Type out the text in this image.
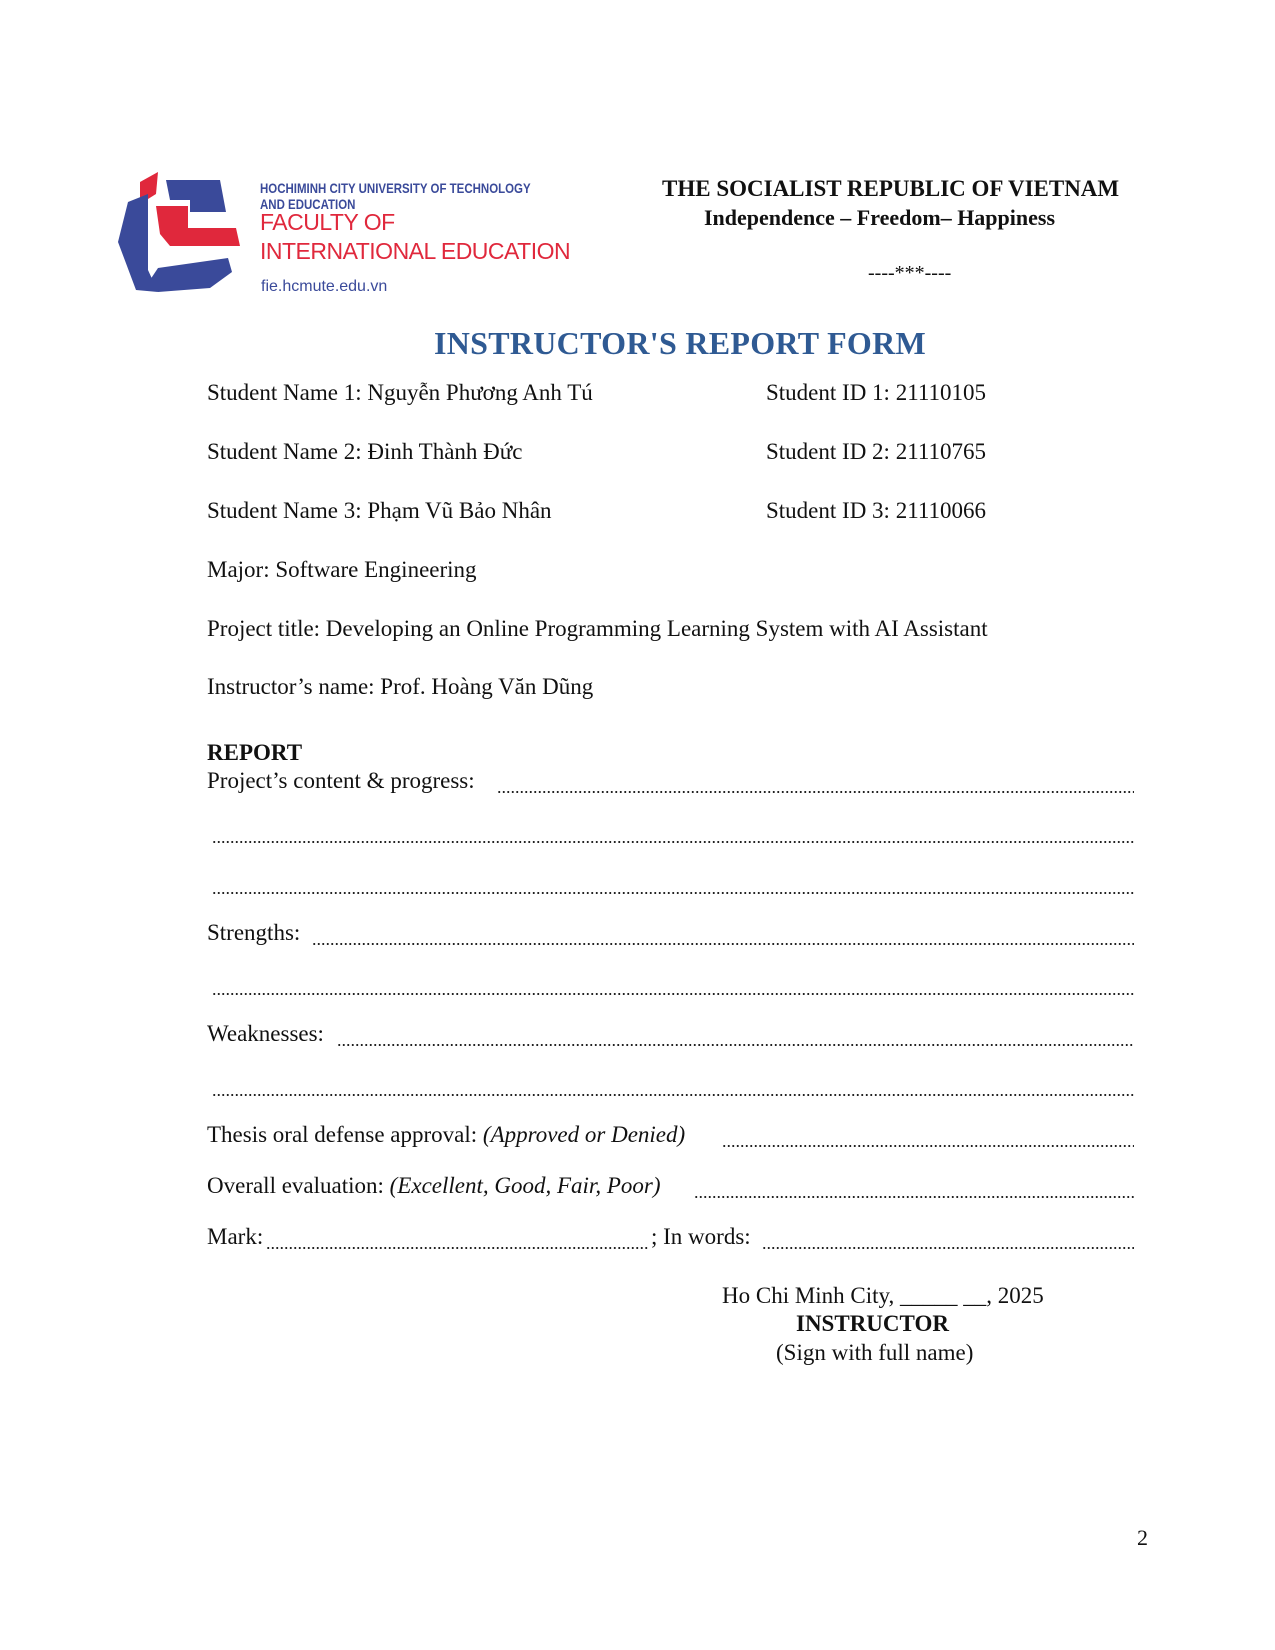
HOCHIMINH CITY UNIVERSITY OF TECHNOLOGY AND EDUCATION
FACULTY OF
INTERNATIONAL EDUCATION
fie.hcmute.edu.vn
THE SOCIALIST REPUBLIC OF VIETNAM
Independence – Freedom– Happiness
----***----
INSTRUCTOR'S REPORT FORM
Student Name 1: Nguyễn Phương Anh Tú	Student ID 1: 21110105
Student Name 2: Đinh Thành Đức	Student ID 2: 21110765
Student Name 3: Phạm Vũ Bảo Nhân	Student ID 3: 21110066
Major: Software Engineering
Project title: Developing an Online Programming Learning System with AI Assistant
Instructor’s name: Prof. Hoàng Văn Dũng
REPORT
Project’s content & progress:
Strengths:
Weaknesses:
Thesis oral defense approval: (Approved or Denied)
Overall evaluation: (Excellent, Good, Fair, Poor)
Mark:	; In words:
Ho Chi Minh City, _____ __, 2025
INSTRUCTOR
(Sign with full name)
2
